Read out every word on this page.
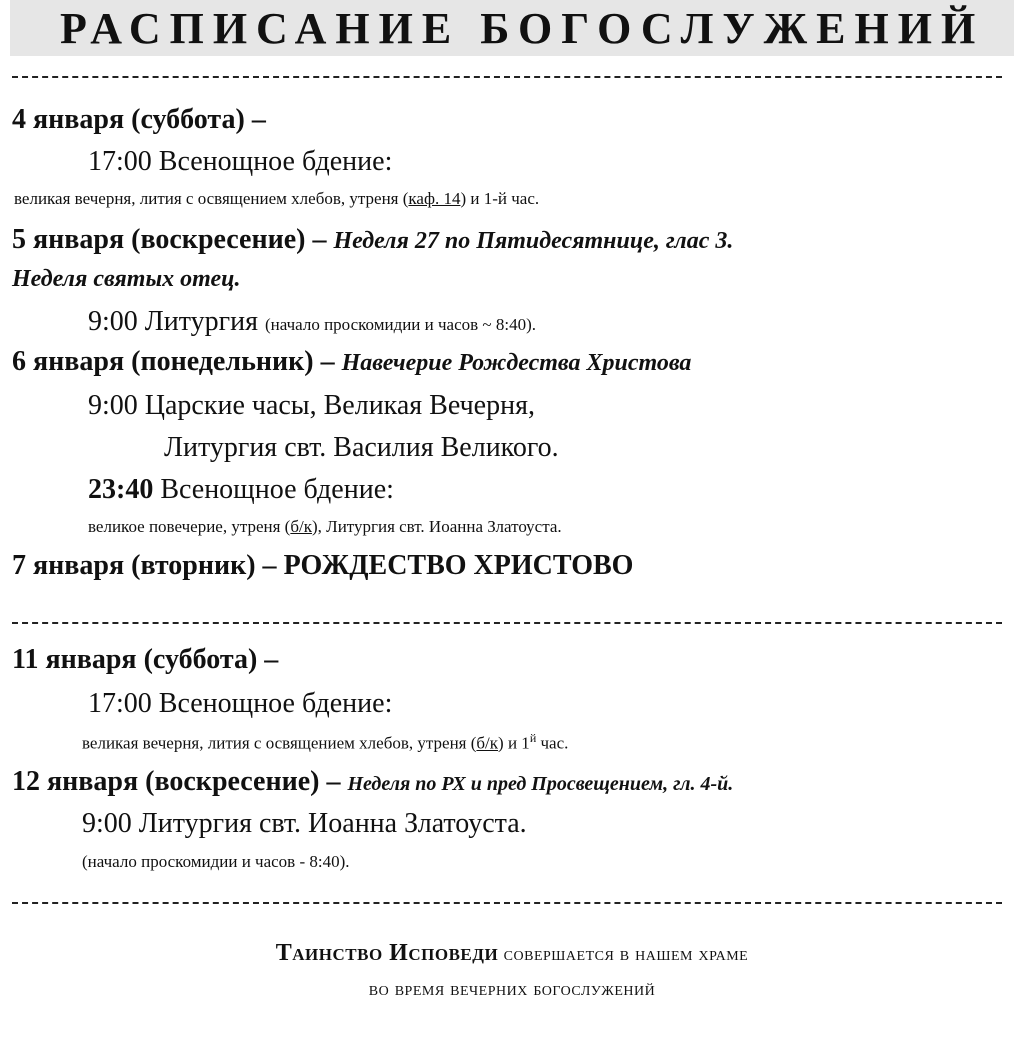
РАСПИСАНИЕ БОГОСЛУЖЕНИЙ
4 января (суббота) –
17:00 Всенощное бдение:
великая вечерня, лития с освящением хлебов, утреня (каф. 14) и 1-й час.
5 января (воскресение) – Неделя 27 по Пятидесятнице, глас 3.
Неделя святых отец.
9:00 Литургия (начало проскомидии и часов ~ 8:40).
6 января (понедельник) – Навечерие Рождества Христова
9:00 Царские часы, Великая Вечерня,
Литургия свт. Василия Великого.
23:40 Всенощное бдение:
великое повечерие, утреня (б/к), Литургия свт. Иоанна Златоуста.
7 января (вторник) – РОЖДЕСТВО ХРИСТОВО
11 января (суббота) –
17:00 Всенощное бдение:
великая вечерня, лития с освящением хлебов, утреня (б/к) и $1^й$ час.
12 января (воскресение) – Неделя по РХ и пред Просвещением, гл. 4-й.
9:00 Литургия свт. Иоанна Златоуста.
(начало проскомидии и часов - 8:40).
Таинство Исповеди совершается в нашем храме
во время вечерних богослужений
